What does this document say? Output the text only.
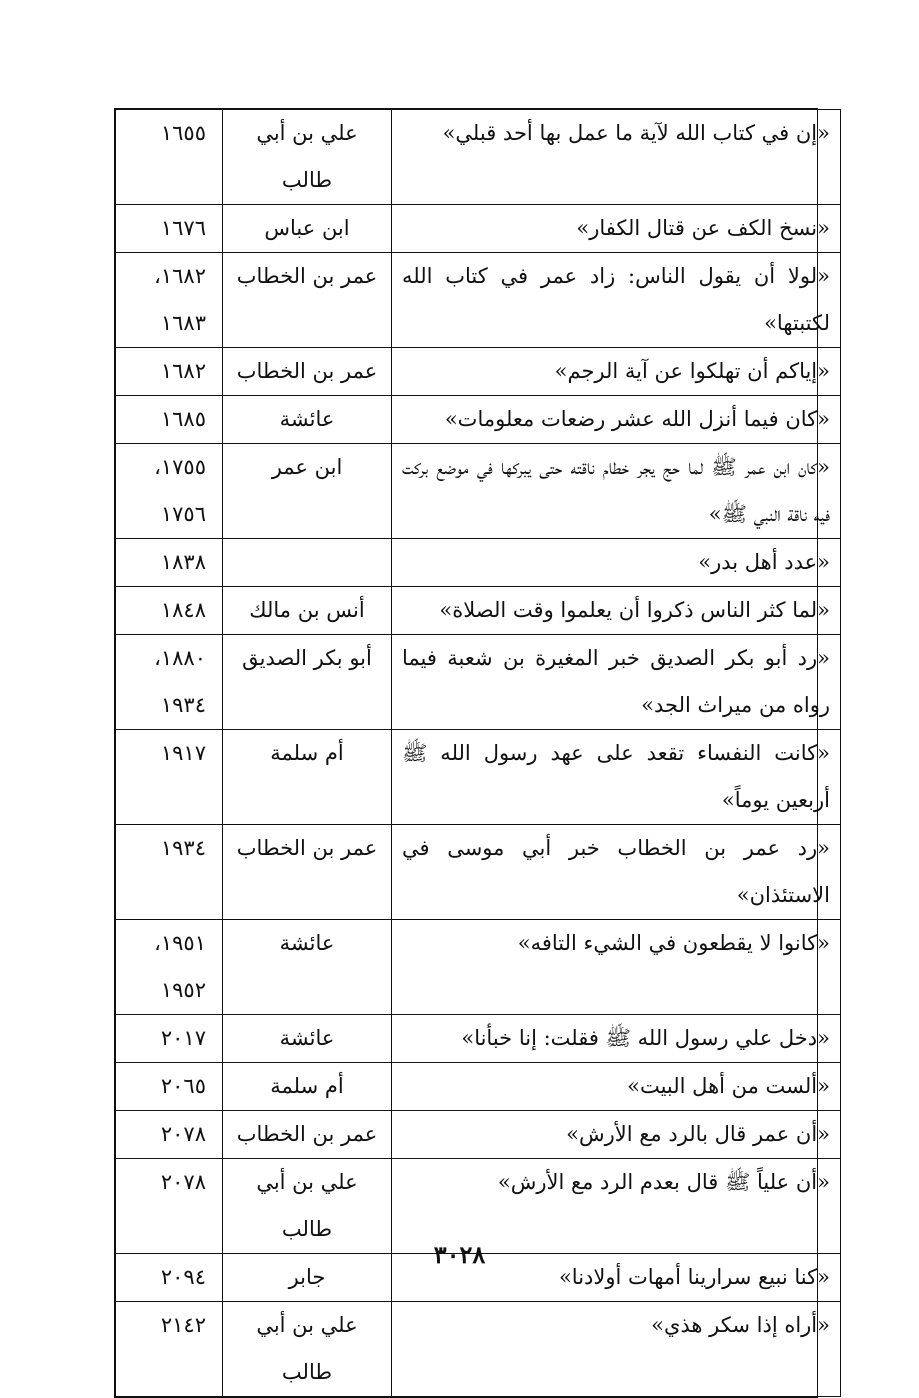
«إن في كتاب الله لآية ما عمل بها أحد قبلي»	علي بن أبي طالب	١٦٥٥

«نسخ الكف عن قتال الكفار»	ابن عباس	١٦٧٦

«لولا أن يقول الناس: زاد عمر في كتاب الله لكتبتها»	عمر بن الخطاب	١٦٨٢، ١٦٨٣

«إياكم أن تهلكوا عن آية الرجم»	عمر بن الخطاب	١٦٨٢

«كان فيما أنزل الله عشر رضعات معلومات»	عائشة	١٦٨٥

«كان ابن عمر ﷺ لما حج يجر خطام ناقته حتى يبركها في موضع بركت فيه ناقة النبي ﷺ»	ابن عمر	١٧٥٥، ١٧٥٦

«عدد أهل بدر»		١٨٣٨

«لما كثر الناس ذكروا أن يعلموا وقت الصلاة»	أنس بن مالك	١٨٤٨

«رد أبو بكر الصديق خبر المغيرة بن شعبة فيما رواه من ميراث الجد»	أبو بكر الصديق	١٨٨٠، ١٩٣٤

«كانت النفساء تقعد على عهد رسول الله ﷺ أربعين يوماً»	أم سلمة	١٩١٧

«رد عمر بن الخطاب خبر أبي موسى في الاستئذان»	عمر بن الخطاب	١٩٣٤

«كانوا لا يقطعون في الشيء التافه»	عائشة	١٩٥١، ١٩٥٢

«دخل علي رسول الله ﷺ فقلت: إنا خبأنا»	عائشة	٢٠١٧

«ألست من أهل البيت»	أم سلمة	٢٠٦٥

«أن عمر قال بالرد مع الأرش»	عمر بن الخطاب	٢٠٧٨

«أن علياً ﷺ قال بعدم الرد مع الأرش»	علي بن أبي طالب	٢٠٧٨

«كنا نبيع سرارينا أمهات أولادنا»	جابر	٢٠٩٤

«أراه إذا سكر هذي»	علي بن أبي طالب	٢١٤٢
٣٠٢٨
